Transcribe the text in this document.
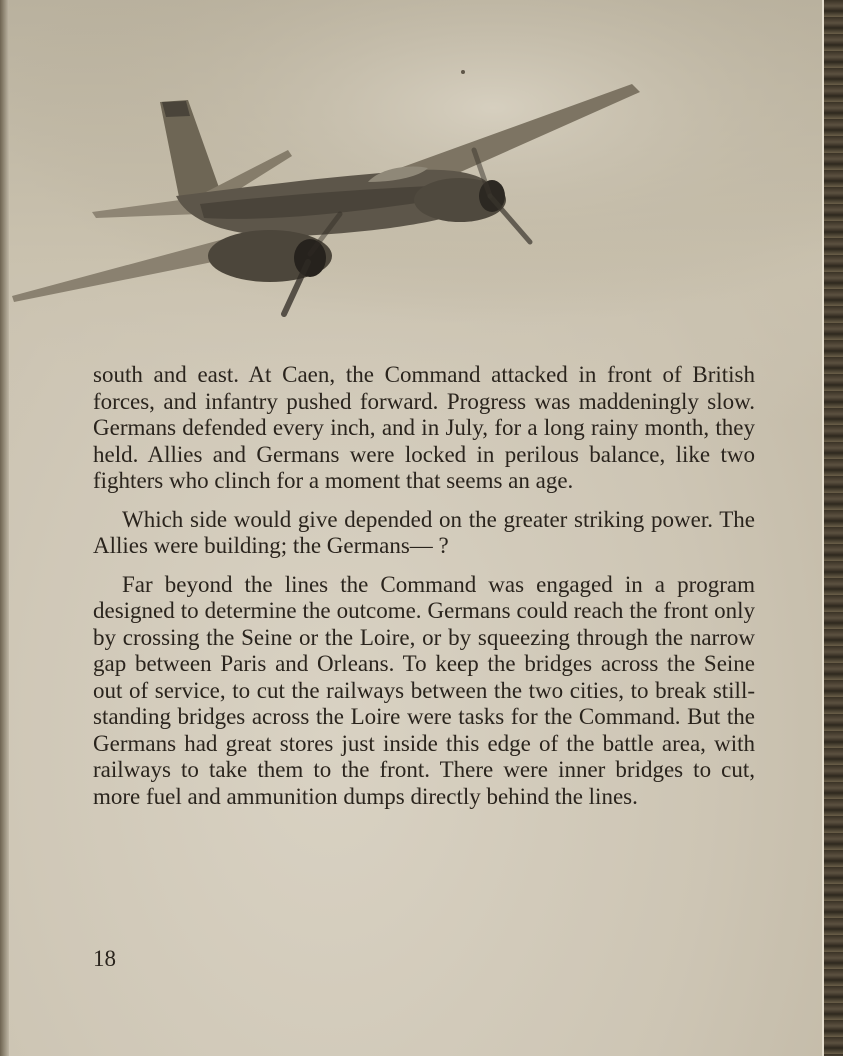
south and east. At Caen, the Command attacked in front of British forces, and infantry pushed forward. Progress was maddeningly slow. Germans defended every inch, and in July, for a long rainy month, they held. Allies and Germans were locked in perilous balance, like two fighters who clinch for a moment that seems an age.

Which side would give depended on the greater striking power. The Allies were building; the Germans— ?

Far beyond the lines the Command was engaged in a program designed to determine the outcome. Germans could reach the front only by crossing the Seine or the Loire, or by squeezing through the narrow gap between Paris and Orleans. To keep the bridges across the Seine out of service, to cut the railways between the two cities, to break still-standing bridges across the Loire were tasks for the Command. But the Germans had great stores just inside this edge of the battle area, with railways to take them to the front. There were inner bridges to cut, more fuel and ammunition dumps directly behind the lines.

18
